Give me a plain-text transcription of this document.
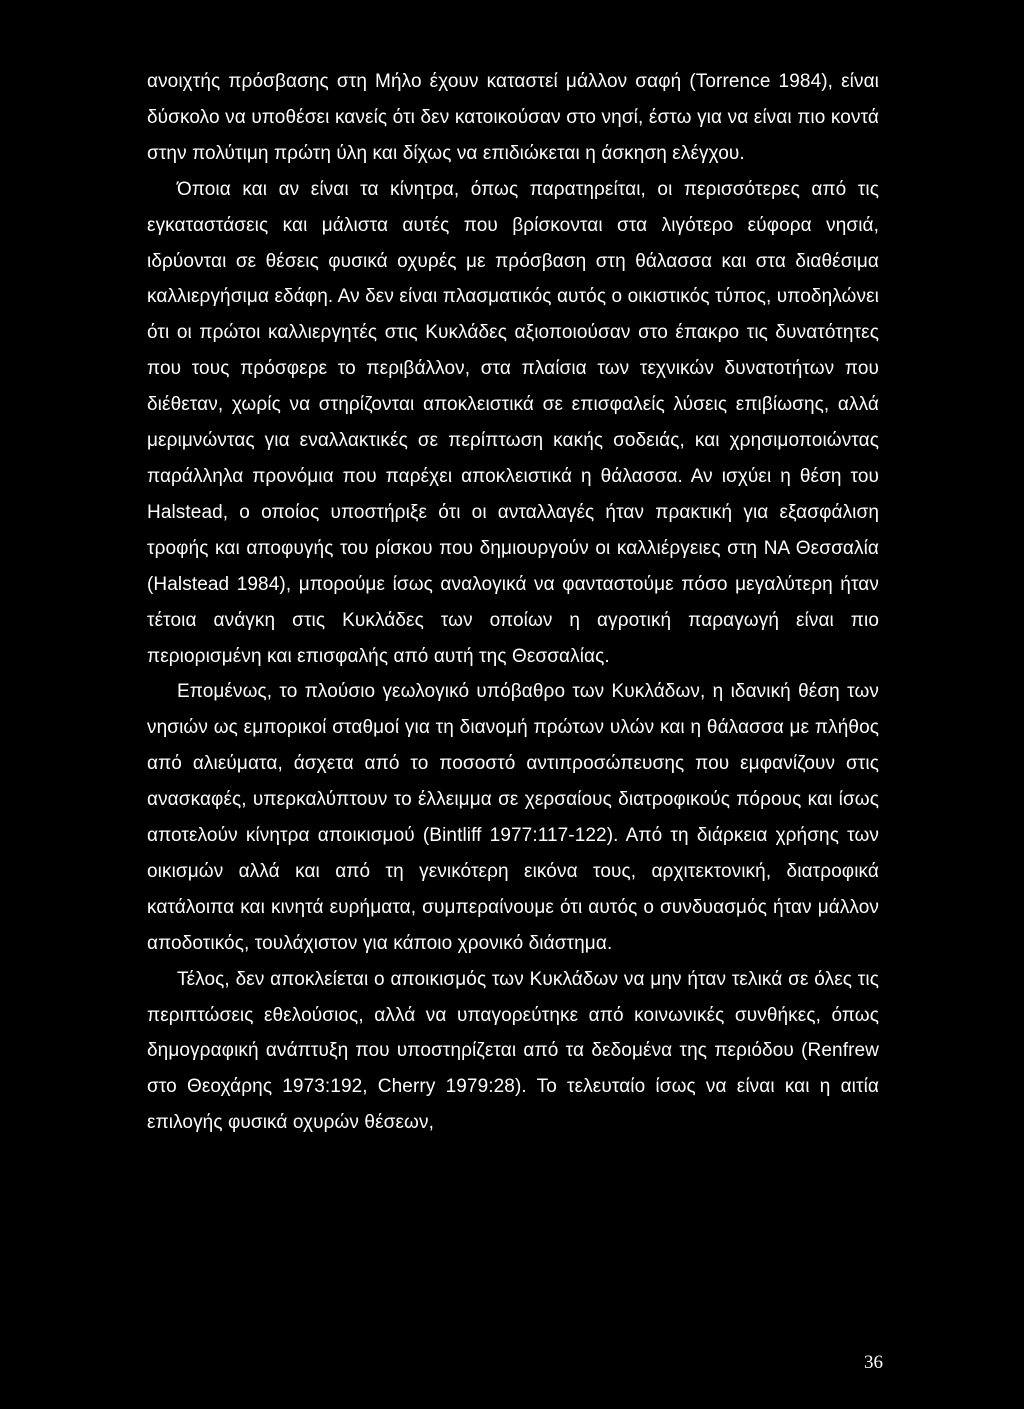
ανοιχτής πρόσβασης στη Μήλο έχουν καταστεί μάλλον σαφή (Torrence 1984), είναι δύσκολο να υποθέσει κανείς ότι δεν κατοικούσαν στο νησί, έστω για να είναι πιο κοντά στην πολύτιμη πρώτη ύλη και δίχως να επιδιώκεται η άσκηση ελέγχου.

Όποια και αν είναι τα κίνητρα, όπως παρατηρείται, οι περισσότερες από τις εγκαταστάσεις και μάλιστα αυτές που βρίσκονται στα λιγότερο εύφορα νησιά, ιδρύονται σε θέσεις φυσικά οχυρές με πρόσβαση στη θάλασσα και στα διαθέσιμα καλλιεργήσιμα εδάφη. Αν δεν είναι πλασματικός αυτός ο οικιστικός τύπος, υποδηλώνει ότι οι πρώτοι καλλιεργητές στις Κυκλάδες αξιοποιούσαν στο έπακρο τις δυνατότητες που τους πρόσφερε το περιβάλλον, στα πλαίσια των τεχνικών δυνατοτήτων που διέθεταν, χωρίς να στηρίζονται αποκλειστικά σε επισφαλείς λύσεις επιβίωσης, αλλά μεριμνώντας για εναλλακτικές σε περίπτωση κακής σοδειάς, και χρησιμοποιώντας παράλληλα προνόμια που παρέχει αποκλειστικά η θάλασσα. Αν ισχύει η θέση του Halstead, ο οποίος υποστήριξε ότι οι ανταλλαγές ήταν πρακτική για εξασφάλιση τροφής και αποφυγής του ρίσκου που δημιουργούν οι καλλιέργειες στη ΝΑ Θεσσαλία (Halstead 1984), μπορούμε ίσως αναλογικά να φανταστούμε πόσο μεγαλύτερη ήταν τέτοια ανάγκη στις Κυκλάδες των οποίων η αγροτική παραγωγή είναι πιο περιορισμένη και επισφαλής από αυτή της Θεσσαλίας.

Επομένως, το πλούσιο γεωλογικό υπόβαθρο των Κυκλάδων, η ιδανική θέση των νησιών ως εμπορικοί σταθμοί για τη διανομή πρώτων υλών και η θάλασσα με πλήθος από αλιεύματα, άσχετα από το ποσοστό αντιπροσώπευσης που εμφανίζουν στις ανασκαφές, υπερκαλύπτουν το έλλειμμα σε χερσαίους διατροφικούς πόρους και ίσως αποτελούν κίνητρα αποικισμού (Bintliff 1977:117-122). Από τη διάρκεια χρήσης των οικισμών αλλά και από τη γενικότερη εικόνα τους, αρχιτεκτονική, διατροφικά κατάλοιπα και κινητά ευρήματα, συμπεραίνουμε ότι αυτός ο συνδυασμός ήταν μάλλον αποδοτικός, τουλάχιστον για κάποιο χρονικό διάστημα.

Τέλος, δεν αποκλείεται ο αποικισμός των Κυκλάδων να μην ήταν τελικά σε όλες τις περιπτώσεις εθελούσιος, αλλά να υπαγορεύτηκε από κοινωνικές συνθήκες, όπως δημογραφική ανάπτυξη που υποστηρίζεται από τα δεδομένα της περιόδου (Renfrew στο Θεοχάρης 1973:192, Cherry 1979:28). Το τελευταίο ίσως να είναι και η αιτία επιλογής φυσικά οχυρών θέσεων,

36
